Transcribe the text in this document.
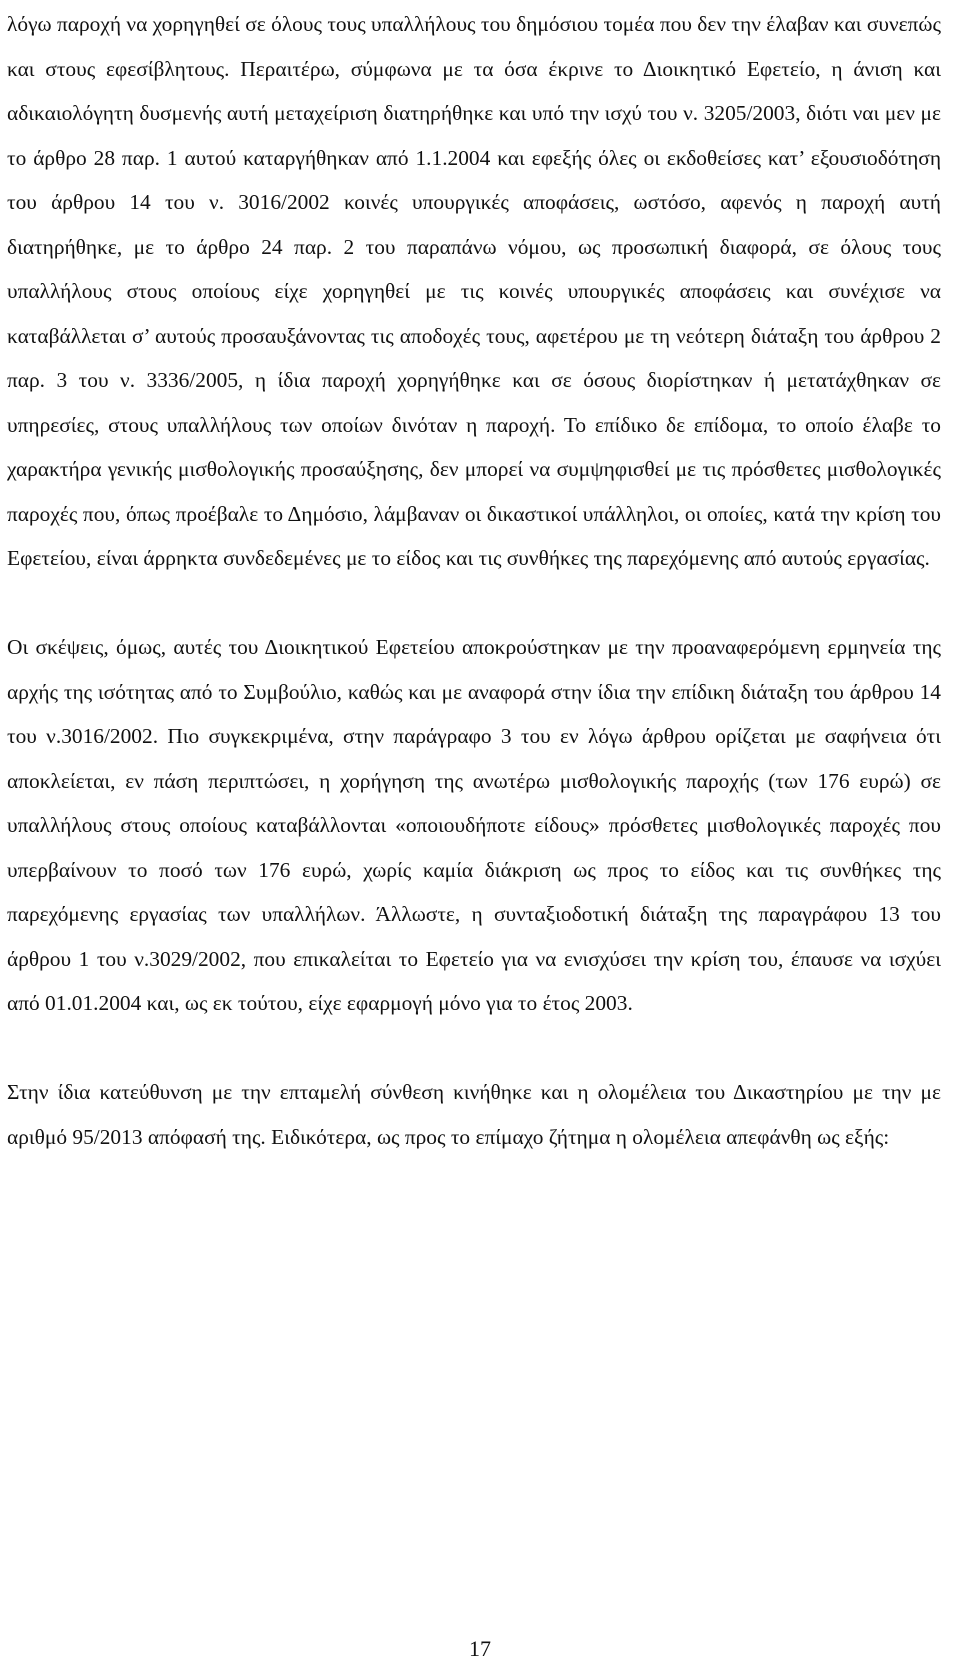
λόγω παροχή να χορηγηθεί σε όλους τους υπαλλήλους του δημόσιου τομέα που δεν την έλαβαν και συνεπώς και στους εφεσίβλητους. Περαιτέρω, σύμφωνα με τα όσα έκρινε το Διοικητικό Εφετείο, η άνιση και αδικαιολόγητη δυσμενής αυτή μεταχείριση διατηρήθηκε και υπό την ισχύ του ν. 3205/2003, διότι ναι μεν με το άρθρο 28 παρ. 1 αυτού καταργήθηκαν από 1.1.2004 και εφεξής όλες οι εκδοθείσες κατ’ εξουσιοδότηση του άρθρου 14 του ν. 3016/2002 κοινές υπουργικές αποφάσεις, ωστόσο, αφενός η παροχή αυτή διατηρήθηκε, με το άρθρο 24 παρ. 2 του παραπάνω νόμου, ως προσωπική διαφορά, σε όλους τους υπαλλήλους στους οποίους είχε χορηγηθεί με τις κοινές υπουργικές αποφάσεις και συνέχισε να καταβάλλεται σ’ αυτούς προσαυξάνοντας τις αποδοχές τους, αφετέρου με τη νεότερη διάταξη του άρθρου 2 παρ. 3 του ν. 3336/2005, η ίδια παροχή χορηγήθηκε και σε όσους διορίστηκαν ή μετατάχθηκαν σε υπηρεσίες, στους υπαλλήλους των οποίων δινόταν η παροχή. Το επίδικο δε επίδομα, το οποίο έλαβε το χαρακτήρα γενικής μισθολογικής προσαύξησης, δεν μπορεί να συμψηφισθεί με τις πρόσθετες μισθολογικές παροχές που, όπως προέβαλε το Δημόσιο, λάμβαναν οι δικαστικοί υπάλληλοι, οι οποίες, κατά την κρίση του Εφετείου, είναι άρρηκτα συνδεδεμένες με το είδος και τις συνθήκες της παρεχόμενης από αυτούς εργασίας.

Οι σκέψεις, όμως, αυτές του Διοικητικού Εφετείου αποκρούστηκαν με την προαναφερόμενη ερμηνεία της αρχής της ισότητας από το Συμβούλιο, καθώς και με αναφορά στην ίδια την επίδικη διάταξη του άρθρου 14 του ν.3016/2002. Πιο συγκεκριμένα, στην παράγραφο 3 του εν λόγω άρθρου ορίζεται με σαφήνεια ότι αποκλείεται, εν πάση περιπτώσει, η χορήγηση της ανωτέρω μισθολογικής παροχής (των 176 ευρώ) σε υπαλλήλους στους οποίους καταβάλλονται «οποιουδήποτε είδους» πρόσθετες μισθολογικές παροχές που υπερβαίνουν το ποσό των 176 ευρώ, χωρίς καμία διάκριση ως προς το είδος και τις συνθήκες της παρεχόμενης εργασίας των υπαλλήλων. Άλλωστε, η συνταξιοδοτική διάταξη της παραγράφου 13 του άρθρου 1 του ν.3029/2002, που επικαλείται το Εφετείο για να ενισχύσει την κρίση του, έπαυσε να ισχύει από 01.01.2004 και, ως εκ τούτου, είχε εφαρμογή μόνο για το έτος 2003.

Στην ίδια κατεύθυνση με την επταμελή σύνθεση κινήθηκε και η ολομέλεια του Δικαστηρίου με την με αριθμό 95/2013 απόφασή της. Ειδικότερα, ως προς το επίμαχο ζήτημα η ολομέλεια απεφάνθη ως εξής:

17
